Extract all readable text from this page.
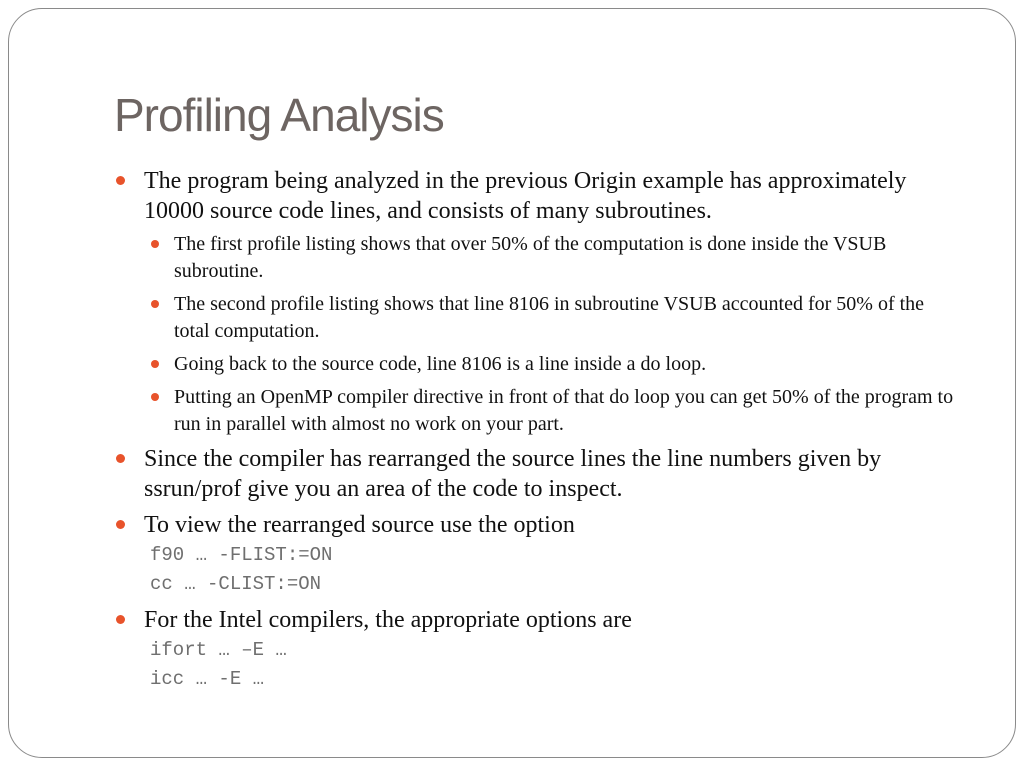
Profiling Analysis
The program being analyzed in the previous Origin example has approximately 10000 source code lines, and consists of many subroutines.
The first profile listing shows that over 50% of the computation is done inside the VSUB subroutine.
The second profile listing shows that line 8106 in subroutine VSUB accounted for 50% of the total computation.
Going back to the source code, line 8106 is a line inside a do loop.
Putting an OpenMP compiler directive in front of that do loop you can get 50% of the program to run in parallel with almost no work on your part.
Since the compiler has rearranged the source lines the line numbers given by ssrun/prof give you an area of the code to inspect.
To view the rearranged source use the option
f90 … -FLIST:=ON
cc … -CLIST:=ON
For the Intel compilers, the appropriate options are
ifort … –E …
icc … -E …
